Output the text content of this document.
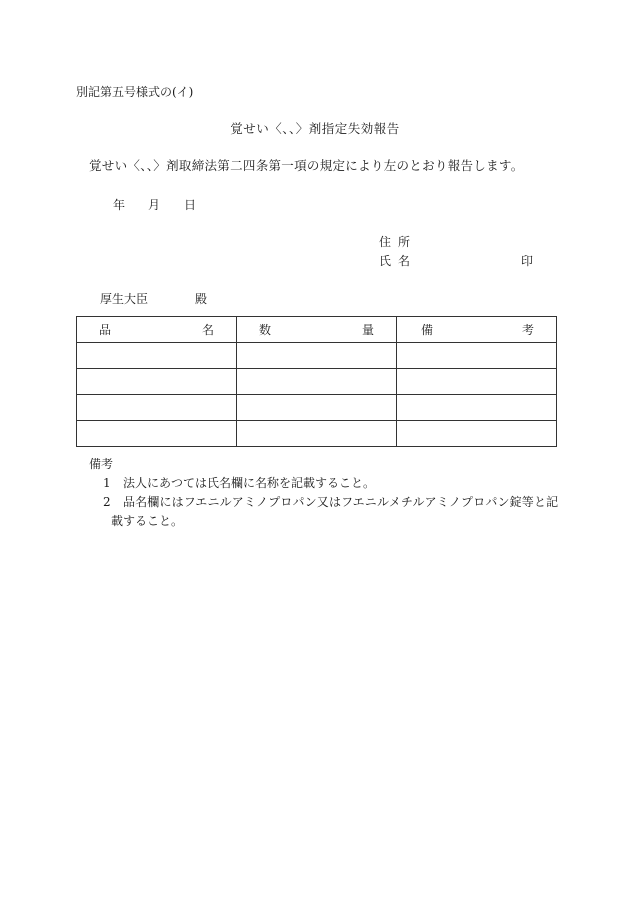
別記第五号様式の(イ)
覚せい〈、、〉剤指定失効報告
覚せい〈、、〉剤取締法第二四条第一項の規定により左のとおり報告します。
年 月 日
住所
氏名	印
厚生大臣	殿
品 名	数 量	備 考

備考
1 法人にあつては氏名欄に名称を記載すること。
2 品名欄にはフエニルアミノプロパン又はフエニルメチルアミノプロパン錠等と記
載すること。
